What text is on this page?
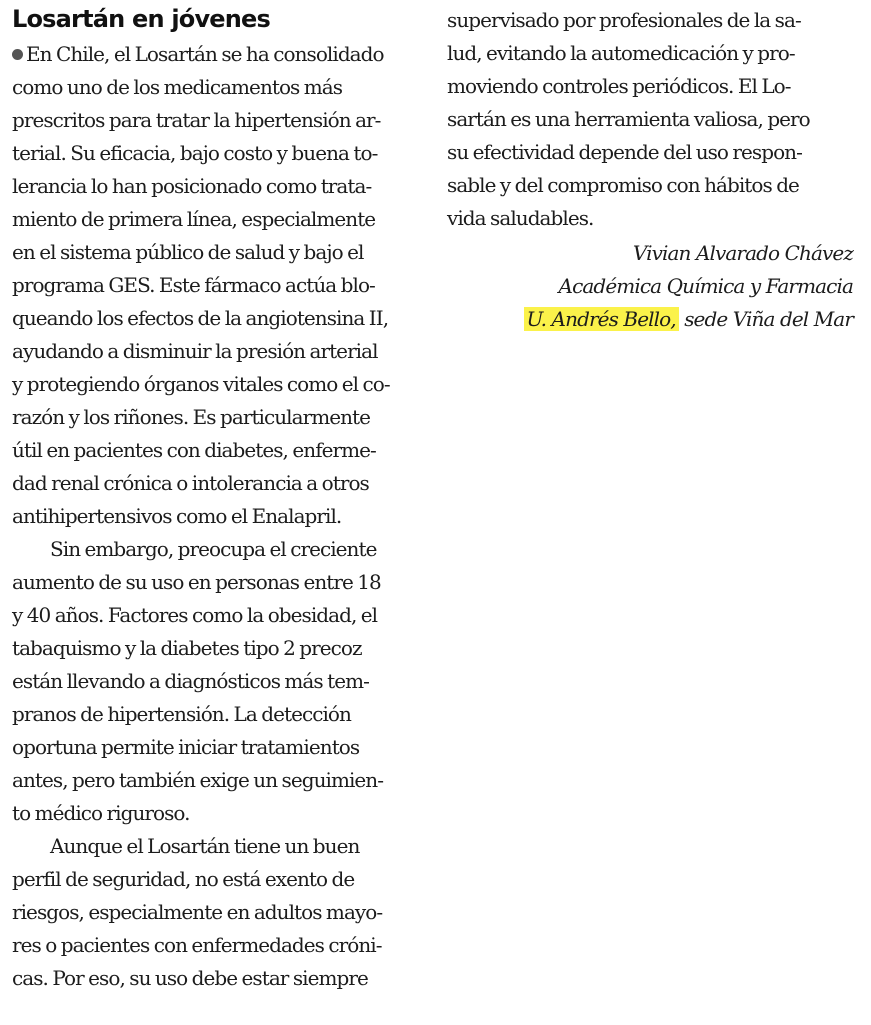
Losartán en jóvenes

En Chile, el Losartán se ha consolidado
como uno de los medicamentos más
prescritos para tratar la hipertensión ar-
terial. Su eficacia, bajo costo y buena to-
lerancia lo han posicionado como trata-
miento de primera línea, especialmente
en el sistema público de salud y bajo el
programa GES. Este fármaco actúa blo-
queando los efectos de la angiotensina II,
ayudando a disminuir la presión arterial
y protegiendo órganos vitales como el co-
razón y los riñones. Es particularmente
útil en pacientes con diabetes, enferme-
dad renal crónica o intolerancia a otros
antihipertensivos como el Enalapril.

Sin embargo, preocupa el creciente
aumento de su uso en personas entre 18
y 40 años. Factores como la obesidad, el
tabaquismo y la diabetes tipo 2 precoz
están llevando a diagnósticos más tem-
pranos de hipertensión. La detección
oportuna permite iniciar tratamientos
antes, pero también exige un seguimien-
to médico riguroso.

Aunque el Losartán tiene un buen
perfil de seguridad, no está exento de
riesgos, especialmente en adultos mayo-
res o pacientes con enfermedades cróni-
cas. Por eso, su uso debe estar siempre

supervisado por profesionales de la sa-
lud, evitando la automedicación y pro-
moviendo controles periódicos. El Lo-
sartán es una herramienta valiosa, pero
su efectividad depende del uso respon-
sable y del compromiso con hábitos de
vida saludables.

Vivian Alvarado Chávez
Académica Química y Farmacia
U. Andrés Bello, sede Viña del Mar
